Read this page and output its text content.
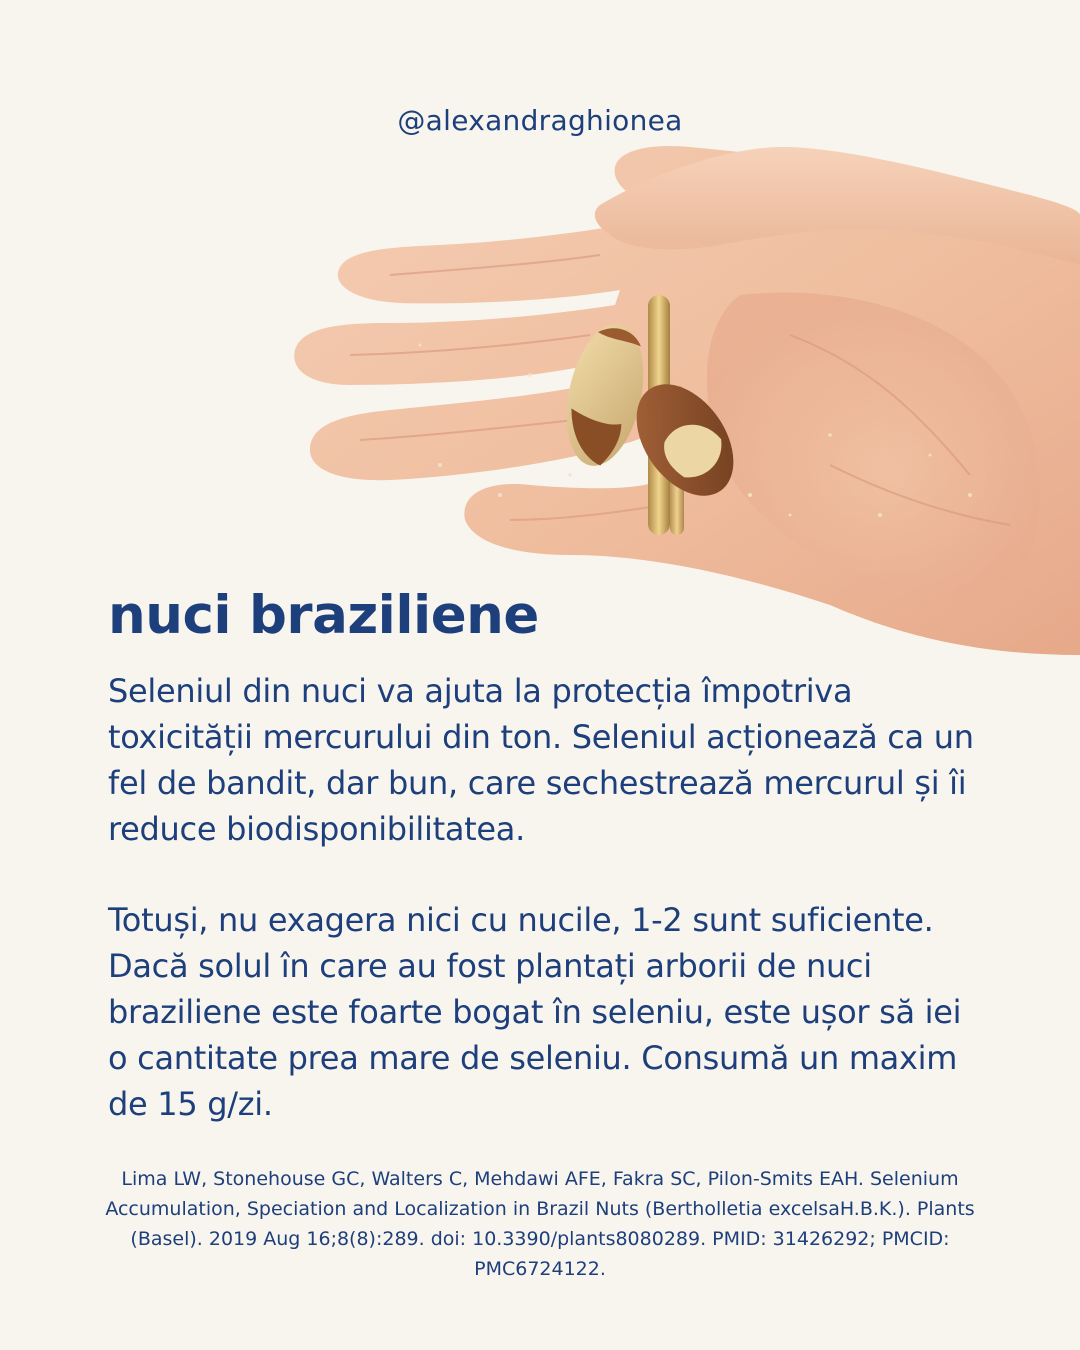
@alexandraghionea
nuci braziliene
Seleniul din nuci va ajuta la protecția împotriva toxicității mercurului din ton. Seleniul acționează ca un fel de bandit, dar bun, care sechestrează mercurul și îi reduce biodisponibilitatea.
Totuși, nu exagera nici cu nucile, 1-2 sunt suficiente. Dacă solul în care au fost plantați arborii de nuci braziliene este foarte bogat în seleniu, este ușor să iei o cantitate prea mare de seleniu. Consumă un maxim de 15 g/zi.
Lima LW, Stonehouse GC, Walters C, Mehdawi AFE, Fakra SC, Pilon-Smits EAH. Selenium Accumulation, Speciation and Localization in Brazil Nuts (Bertholletia excelsaH.B.K.). Plants (Basel). 2019 Aug 16;8(8):289. doi: 10.3390/plants8080289. PMID: 31426292; PMCID: PMC6724122.
